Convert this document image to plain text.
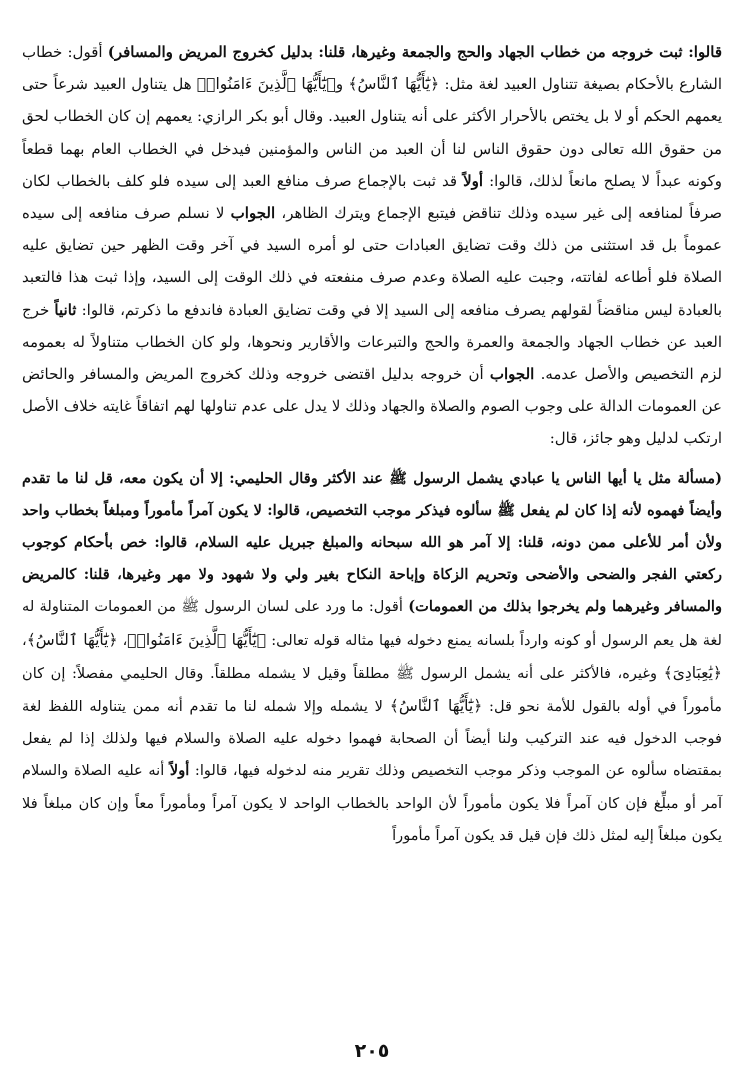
قالوا: ثبت خروجه من خطاب الجهاد والحج والجمعة وغيرها، قلنا: بدليل كخروج المريض والمسافر) أقول: خطاب الشارع بالأحكام بصيغة تتناول العبيد لغة مثل: ﴿يَٰٓأَيُّهَا ٱلنَّاسُ﴾ و﴿يَٰٓأَيُّهَا ٱلَّذِينَ ءَامَنُوا۟﴾ هل يتناول العبيد شرعاً حتى يعمهم الحكم أو لا بل يختص بالأحرار الأكثر على أنه يتناول العبيد. وقال أبو بكر الرازي: يعمهم إن كان الخطاب لحق من حقوق الله تعالى دون حقوق الناس لنا أن العبد من الناس والمؤمنين فيدخل في الخطاب العام بهما قطعاً وكونه عبداً لا يصلح مانعاً لذلك، قالوا: أولاً قد ثبت بالإجماع صرف منافع العبد إلى سيده فلو كلف بالخطاب لكان صرفاً لمنافعه إلى غير سيده وذلك تناقض فيتبع الإجماع ويترك الظاهر، الجواب لا نسلم صرف منافعه إلى سيده عموماً بل قد استثنى من ذلك وقت تضايق العبادات حتى لو أمره السيد في آخر وقت الظهر حين تضايق عليه الصلاة فلو أطاعه لفاتته، وجبت عليه الصلاة وعدم صرف منفعته في ذلك الوقت إلى السيد، وإذا ثبت هذا فالتعبد بالعبادة ليس مناقضاً لقولهم يصرف منافعه إلى السيد إلا في وقت تضايق العبادة فاندفع ما ذكرتم، قالوا: ثانياً خرج العبد عن خطاب الجهاد والجمعة والعمرة والحج والتبرعات والأقارير ونحوها، ولو كان الخطاب متناولاً له بعمومه لزم التخصيص والأصل عدمه. الجواب أن خروجه بدليل اقتضى خروجه وذلك كخروج المريض والمسافر والحائض عن العمومات الدالة على وجوب الصوم والصلاة والجهاد وذلك لا يدل على عدم تناولها لهم اتفاقاً غايته خلاف الأصل ارتكب لدليل وهو جائز، قال:

(مسألة مثل يا أيها الناس يا عبادي يشمل الرسول ﷺ عند الأكثر وقال الحليمي: إلا أن يكون معه، قل لنا ما تقدم وأيضاً فهموه لأنه إذا كان لم يفعل ﷺ سألوه فيذكر موجب التخصيص، قالوا: لا يكون آمراً مأموراً ومبلغاً بخطاب واحد ولأن أمر للأعلى ممن دونه، قلنا: إلا آمر هو الله سبحانه والمبلغ جبريل عليه السلام، قالوا: خص بأحكام كوجوب ركعتي الفجر والضحى والأضحى وتحريم الزكاة وإباحة النكاح بغير ولي ولا شهود ولا مهر وغيرها، قلنا: كالمريض والمسافر وغيرهما ولم يخرجوا بذلك من العمومات) أقول: ما ورد على لسان الرسول ﷺ من العمومات المتناولة له لغة هل يعم الرسول أو كونه وارداً بلسانه يمنع دخوله فيها مثاله قوله تعالى: ﴿يَٰٓأَيُّهَا ٱلَّذِينَ ءَامَنُوا۟﴾، ﴿يَٰٓأَيُّهَا ٱلنَّاسُ﴾، ﴿يَٰعِبَادِىَ﴾ وغيره، فالأكثر على أنه يشمل الرسول ﷺ مطلقاً وقيل لا يشمله مطلقاً. وقال الحليمي مفصلاً: إن كان مأموراً في أوله بالقول للأمة نحو قل: ﴿يَٰٓأَيُّهَا ٱلنَّاسُ﴾ لا يشمله وإلا شمله لنا ما تقدم أنه ممن يتناوله اللفظ لغة فوجب الدخول فيه عند التركيب ولنا أيضاً أن الصحابة فهموا دخوله عليه الصلاة والسلام فيها ولذلك إذا لم يفعل بمقتضاه سألوه عن الموجب وذكر موجب التخصيص وذلك تقرير منه لدخوله فيها، قالوا: أولاً أنه عليه الصلاة والسلام آمر أو مبلِّغ فإن كان آمراً فلا يكون مأموراً لأن الواحد بالخطاب الواحد لا يكون آمراً ومأموراً معاً وإن كان مبلغاً فلا يكون مبلغاً إليه لمثل ذلك فإن قيل قد يكون آمراً مأموراً

٢٠٥
